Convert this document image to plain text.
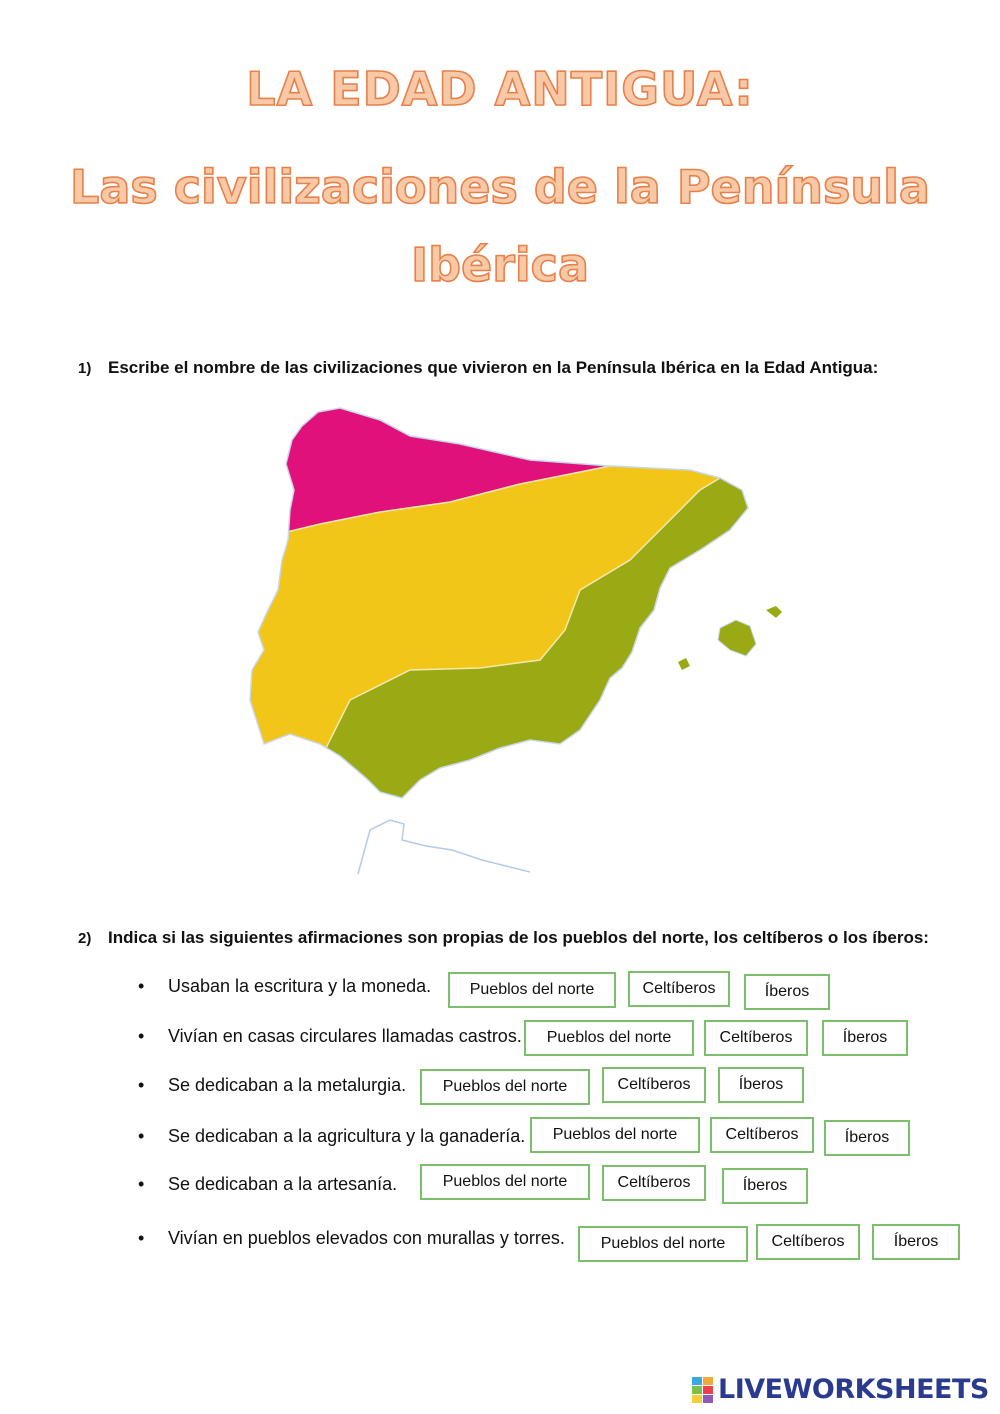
LA EDAD ANTIGUA:
Las civilizaciones de la Península
Ibérica
1) Escribe el nombre de las civilizaciones que vivieron en la Península Ibérica en la Edad Antigua:
2) Indica si las siguientes afirmaciones son propias de los pueblos del norte, los celtíberos o los íberos:
• Usaban la escritura y la moneda.	Pueblos del norte	Celtíberos	Íberos
• Vivían en casas circulares llamadas castros.	Pueblos del norte	Celtíberos	Íberos
• Se dedicaban a la metalurgia.	Pueblos del norte	Celtíberos	Íberos
• Se dedicaban a la agricultura y la ganadería.	Pueblos del norte	Celtíberos	Íberos
• Se dedicaban a la artesanía.	Pueblos del norte	Celtíberos	Íberos
• Vivían en pueblos elevados con murallas y torres.	Pueblos del norte	Celtíberos	Íberos
LIVEWORKSHEETS
